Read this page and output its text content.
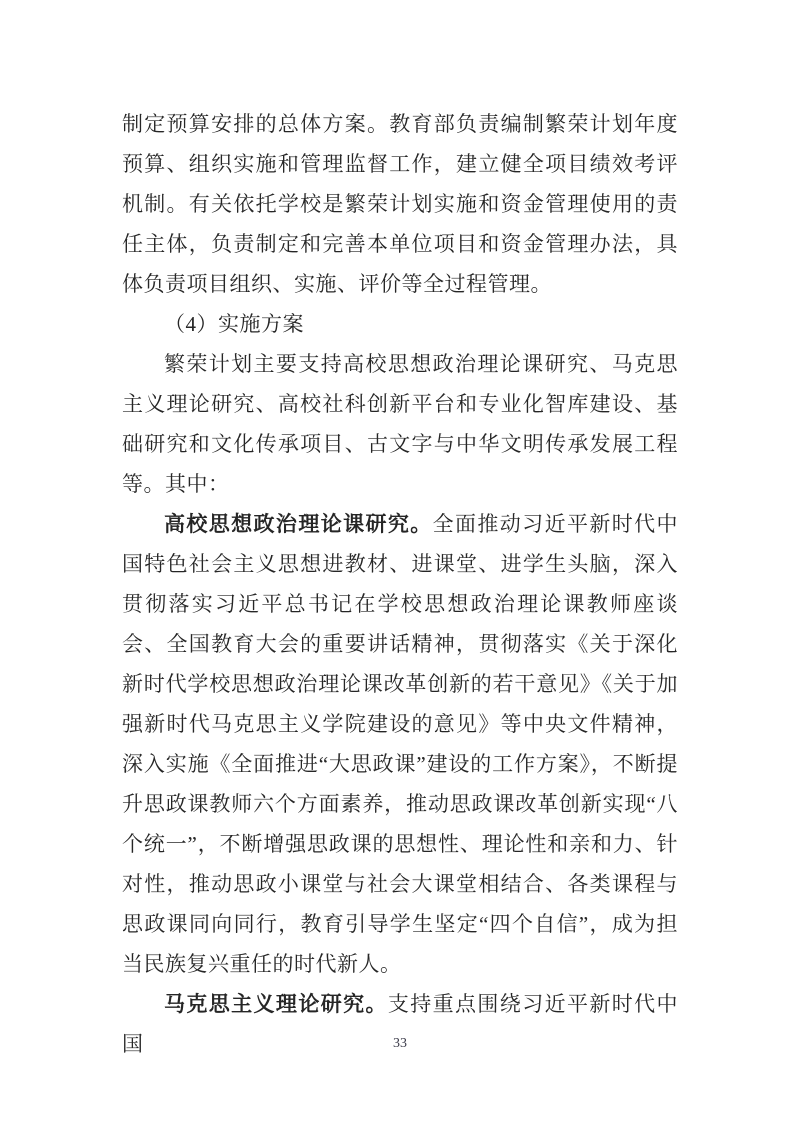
制定预算安排的总体方案。教育部负责编制繁荣计划年度预算、组织实施和管理监督工作，建立健全项目绩效考评机制。有关依托学校是繁荣计划实施和资金管理使用的责任主体，负责制定和完善本单位项目和资金管理办法，具体负责项目组织、实施、评价等全过程管理。

（4）实施方案

繁荣计划主要支持高校思想政治理论课研究、马克思主义理论研究、高校社科创新平台和专业化智库建设、基础研究和文化传承项目、古文字与中华文明传承发展工程等。其中：

高校思想政治理论课研究。全面推动习近平新时代中国特色社会主义思想进教材、进课堂、进学生头脑，深入贯彻落实习近平总书记在学校思想政治理论课教师座谈会、全国教育大会的重要讲话精神，贯彻落实《关于深化新时代学校思想政治理论课改革创新的若干意见》《关于加强新时代马克思主义学院建设的意见》等中央文件精神，深入实施《全面推进“大思政课”建设的工作方案》，不断提升思政课教师六个方面素养，推动思政课改革创新实现“八个统一”，不断增强思政课的思想性、理论性和亲和力、针对性，推动思政小课堂与社会大课堂相结合、各类课程与思政课同向同行，教育引导学生坚定“四个自信”，成为担当民族复兴重任的时代新人。

马克思主义理论研究。支持重点围绕习近平新时代中国	33
